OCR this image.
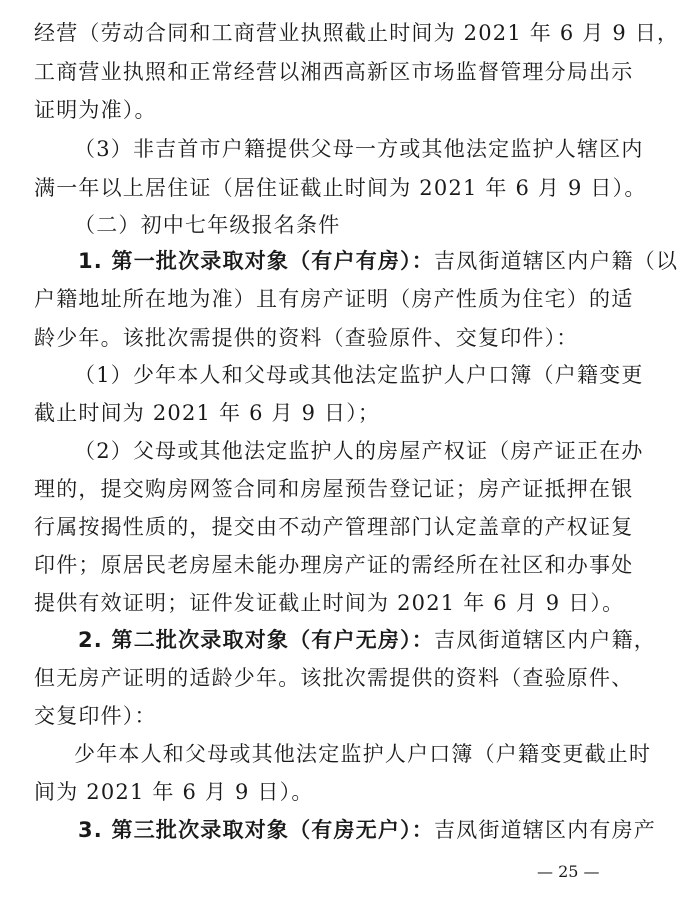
经营（劳动合同和工商营业执照截止时间为 2021 年 6 月 9 日，
工商营业执照和正常经营以湘西高新区市场监督管理分局出示
证明为准）。
（3）非吉首市户籍提供父母一方或其他法定监护人辖区内
满一年以上居住证（居住证截止时间为 2021 年 6 月 9 日）。
（二）初中七年级报名条件
1. 第一批次录取对象（有户有房）： 吉凤街道辖区内户籍（以
户籍地址所在地为准）且有房产证明（房产性质为住宅）的适
龄少年。该批次需提供的资料（查验原件、交复印件）：
（1）少年本人和父母或其他法定监护人户口簿（户籍变更
截止时间为 2021 年 6 月 9 日）；
（2）父母或其他法定监护人的房屋产权证（房产证正在办
理的，提交购房网签合同和房屋预告登记证；房产证抵押在银
行属按揭性质的，提交由不动产管理部门认定盖章的产权证复
印件；原居民老房屋未能办理房产证的需经所在社区和办事处
提供有效证明；证件发证截止时间为 2021 年 6 月 9 日）。
2. 第二批次录取对象（有户无房）： 吉凤街道辖区内户籍，
但无房产证明的适龄少年。该批次需提供的资料（查验原件、
交复印件）：
少年本人和父母或其他法定监护人户口簿（户籍变更截止时
间为 2021 年 6 月 9 日）。
3. 第三批次录取对象（有房无户）： 吉凤街道辖区内有房产
— 25 —
